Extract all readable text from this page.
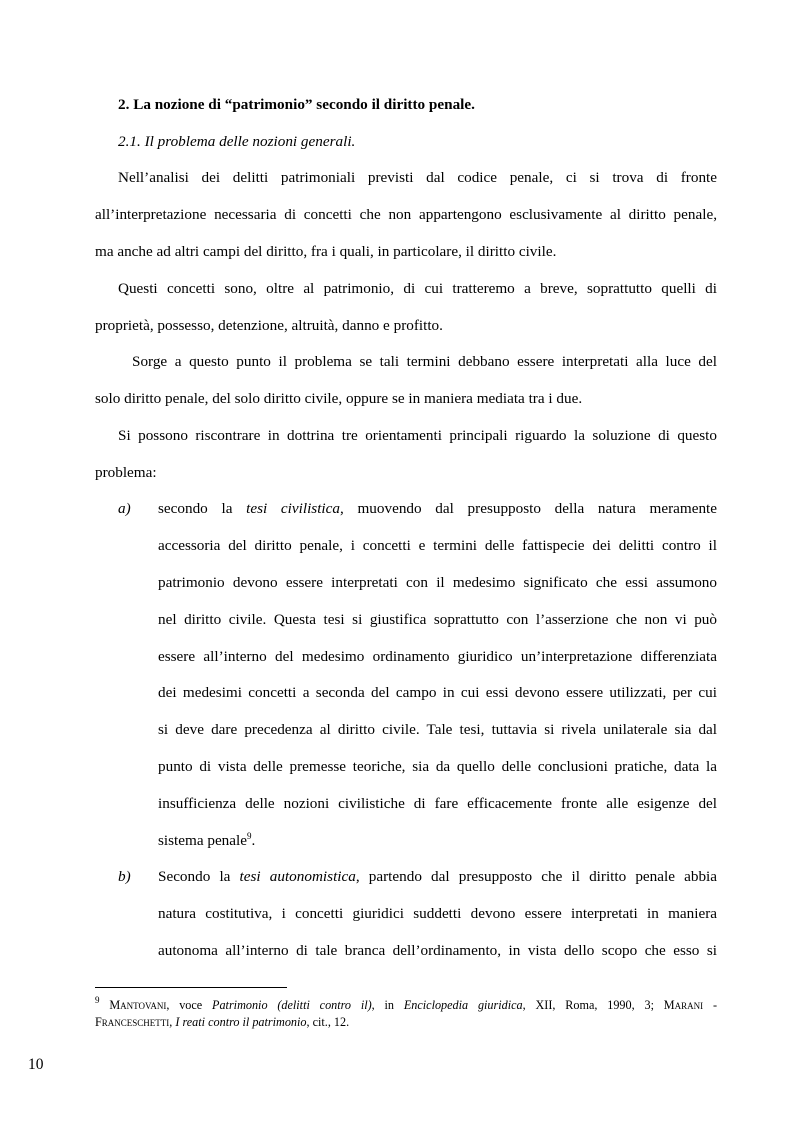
2. La nozione di “patrimonio” secondo il diritto penale.
2.1. Il problema delle nozioni generali.
Nell’analisi dei delitti patrimoniali previsti dal codice penale, ci si trova di fronte
all’interpretazione necessaria di concetti che non appartengono esclusivamente al diritto penale,
ma anche ad altri campi del diritto, fra i quali, in particolare, il diritto civile.
Questi concetti sono, oltre al patrimonio, di cui tratteremo a breve, soprattutto quelli di
proprietà, possesso, detenzione, altruità, danno e profitto.
Sorge a questo punto il problema se tali termini debbano essere interpretati alla luce del
solo diritto penale, del solo diritto civile, oppure se in maniera mediata tra i due.
Si possono riscontrare in dottrina tre orientamenti principali riguardo la soluzione di questo
problema:
a) secondo la tesi civilistica, muovendo dal presupposto della natura meramente
accessoria del diritto penale, i concetti e termini delle fattispecie dei delitti contro il
patrimonio devono essere interpretati con il medesimo significato che essi assumono
nel diritto civile. Questa tesi si giustifica soprattutto con l’asserzione che non vi può
essere all’interno del medesimo ordinamento giuridico un’interpretazione differenziata
dei medesimi concetti a seconda del campo in cui essi devono essere utilizzati, per cui
si deve dare precedenza al diritto civile. Tale tesi, tuttavia si rivela unilaterale sia dal
punto di vista delle premesse teoriche, sia da quello delle conclusioni pratiche, data la
insufficienza delle nozioni civilistiche di fare efficacemente fronte alle esigenze del
sistema penale$^9$.
b) Secondo la tesi autonomistica, partendo dal presupposto che il diritto penale abbia
natura costitutiva, i concetti giuridici suddetti devono essere interpretati in maniera
autonoma all’interno di tale branca dell’ordinamento, in vista dello scopo che esso si
$^9$ Mantovani, voce Patrimonio (delitti contro il), in Enciclopedia giuridica, XII, Roma, 1990, 3; Marani -
Franceschetti, I reati contro il patrimonio, cit., 12.
10
